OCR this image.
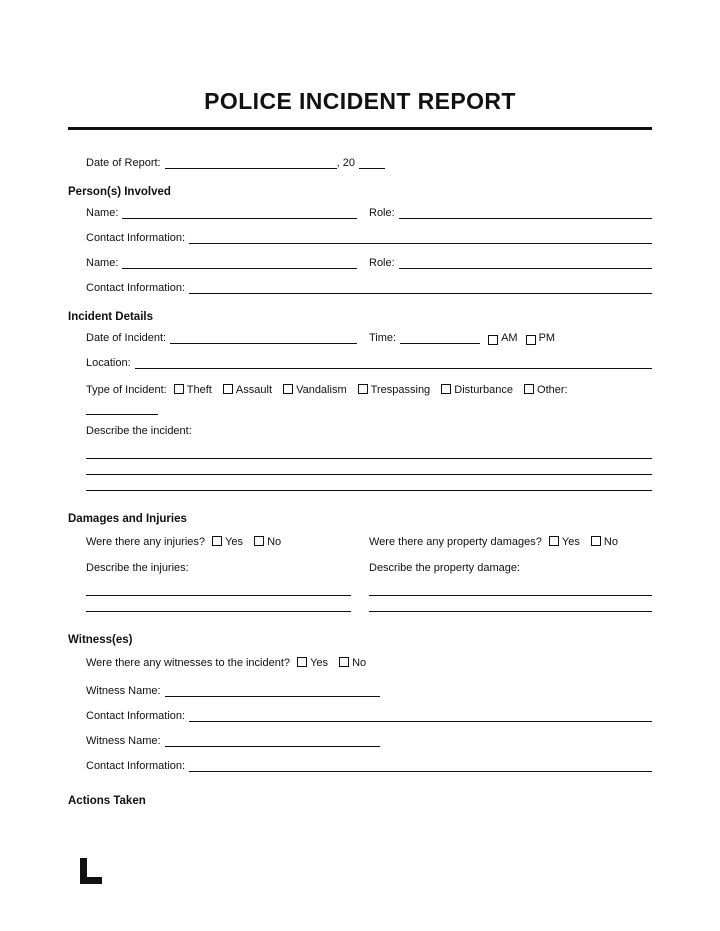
POLICE INCIDENT REPORT
Date of Report:	, 20
Person(s) Involved
Name:	Role:
Contact Information:
Name:	Role:
Contact Information:
Incident Details
Date of Incident:	Time:	AM PM
Location:
Type of Incident: Theft Assault Vandalism Trespassing Disturbance Other:
Describe the incident:
Damages and Injuries
Were there any injuries? Yes No
Describe the injuries:
Were there any property damages? Yes No
Describe the property damage:
Witness(es)
Were there any witnesses to the incident? Yes No
Witness Name:
Contact Information:
Witness Name:
Contact Information:
Actions Taken
